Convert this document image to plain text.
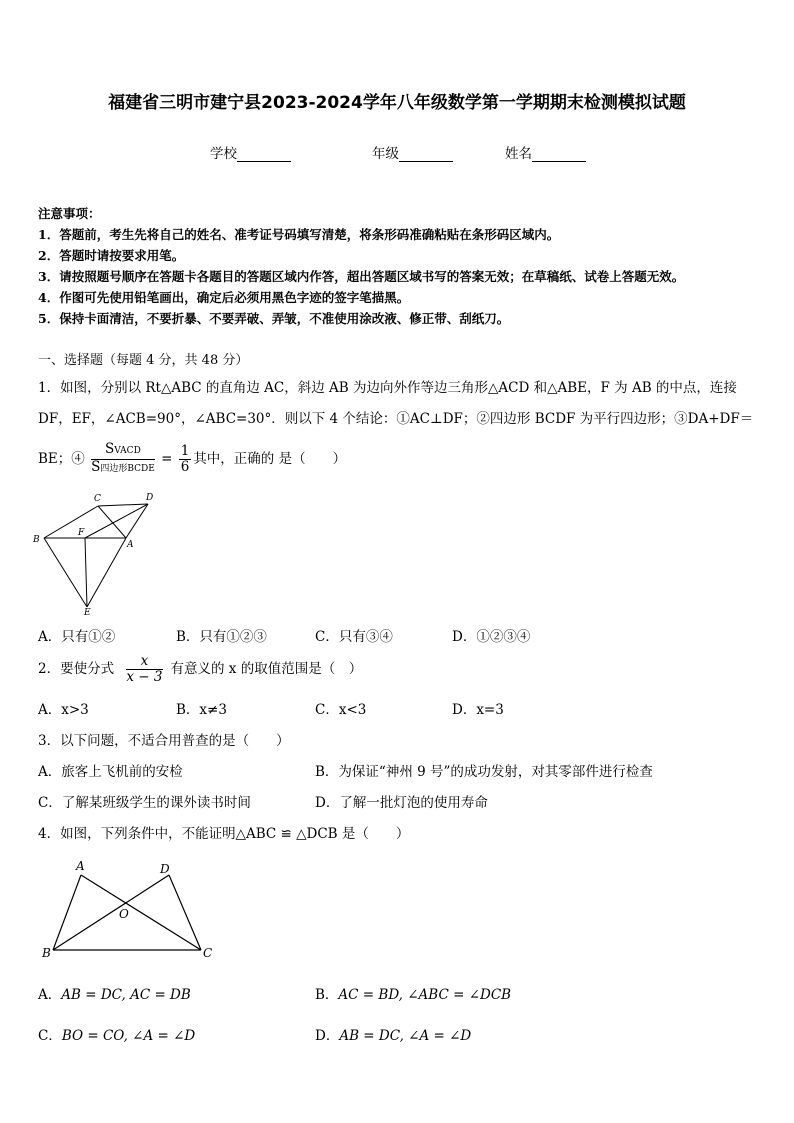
福建省三明市建宁县2023-2024学年八年级数学第一学期期末检测模拟试题
学校	年级	姓名
注意事项：
1．答题前，考生先将自己的姓名、准考证号码填写清楚，将条形码准确粘贴在条形码区域内。
2．答题时请按要求用笔。
3．请按照题号顺序在答题卡各题目的答题区域内作答，超出答题区域书写的答案无效；在草稿纸、试卷上答题无效。
4．作图可先使用铅笔画出，确定后必须用黑色字迹的签字笔描黑。
5．保持卡面清洁，不要折暴、不要弄破、弄皱，不准使用涂改液、修正带、刮纸刀。
一、选择题（每题 4 分，共 48 分）
1．如图，分别以 Rt△ABC 的直角边 AC，斜边 AB 为边向外作等边三角形△ACD 和△ABE，F 为 AB 的中点，连接
DF，EF，∠ACB=90°，∠ABC=30°．则以下 4 个结论：①AC⊥DF；②四边形 BCDF 为平行四边形；③DA+DF＝
BE；④ $\frac{\text{SVACD}}{\text{S四边形BCDE}} = \frac{1}{6}$ 其中，正确的 是（　　）
B
C	D
F
A
E
A．只有①②	B．只有①②③	C．只有③④	D．①②③④
2．要使分式 $\frac{x}{x - 3}$ 有意义的 x 的取值范围是（　）
A．x>3	B．x≠3	C．x<3	D．x=3
3．以下问题，不适合用普查的是（　　）
A．旅客上飞机前的安检	B．为保证“神州 9 号”的成功发射，对其零部件进行检查
C．了解某班级学生的课外读书时间	D．了解一批灯泡的使用寿命
4．如图，下列条件中，不能证明△ABC ≌ △DCB 是（　　）
A	D
O
B	C
A．AB = DC, AC = DB	B．AC = BD, ∠ABC = ∠DCB
C．BO = CO, ∠A = ∠D	D．AB = DC, ∠A = ∠D
